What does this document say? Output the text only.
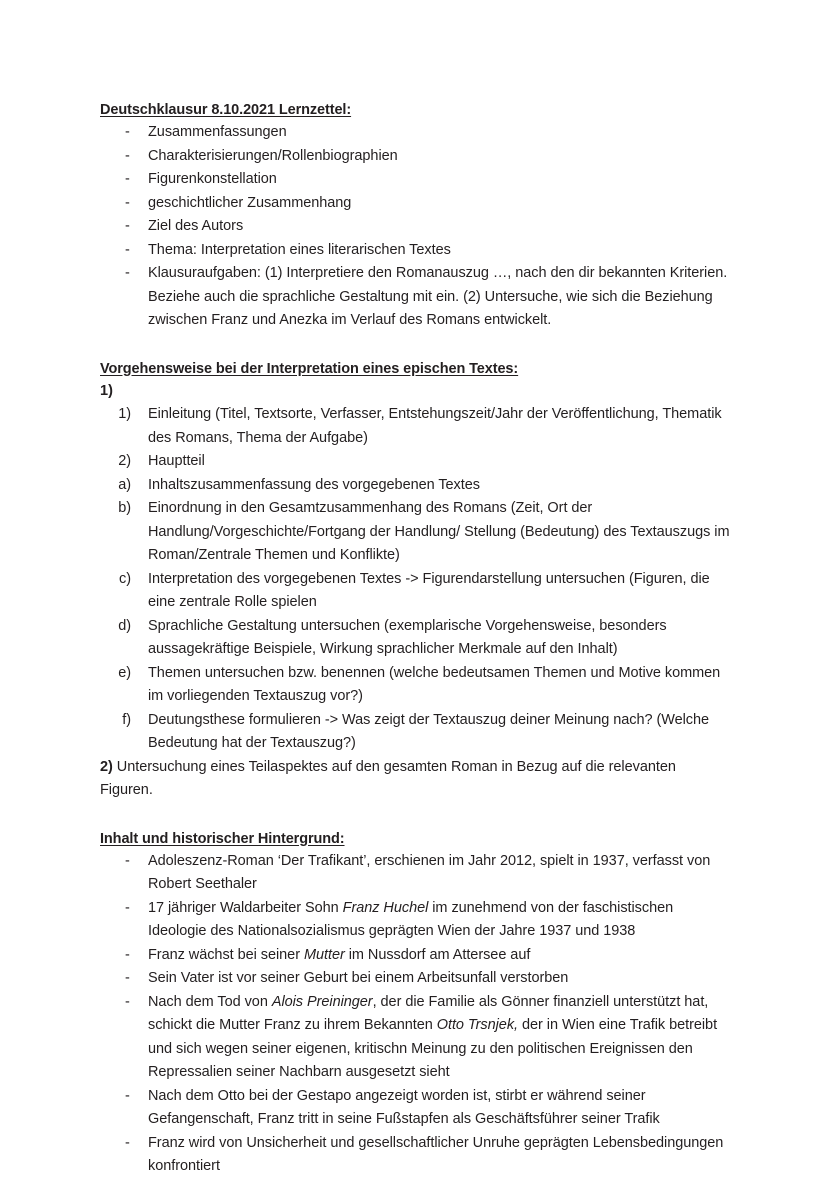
Deutschklausur 8.10.2021 Lernzettel:
-	Zusammenfassungen
-	Charakterisierungen/Rollenbiographien
-	Figurenkonstellation
-	geschichtlicher Zusammenhang
-	Ziel des Autors
-	Thema: Interpretation eines literarischen Textes
-	Klausuraufgaben: (1) Interpretiere den Romanauszug …, nach den dir bekannten Kriterien. Beziehe auch die sprachliche Gestaltung mit ein. (2) Untersuche, wie sich die Beziehung zwischen Franz und Anezka im Verlauf des Romans entwickelt.
Vorgehensweise bei der Interpretation eines epischen Textes:

1)

1) Einleitung (Titel, Textsorte, Verfasser, Entstehungszeit/Jahr der Veröffentlichung, Thematik des Romans, Thema der Aufgabe)
2) Hauptteil
a) Inhaltszusammenfassung des vorgegebenen Textes
b) Einordnung in den Gesamtzusammenhang des Romans (Zeit, Ort der Handlung/Vorgeschichte/Fortgang der Handlung/ Stellung (Bedeutung) des Textauszugs im Roman/Zentrale Themen und Konflikte)
c) Interpretation des vorgegebenen Textes -> Figurendarstellung untersuchen (Figuren, die eine zentrale Rolle spielen
d) Sprachliche Gestaltung untersuchen (exemplarische Vorgehensweise, besonders aussagekräftige Beispiele, Wirkung sprachlicher Merkmale auf den Inhalt)
e) Themen untersuchen bzw. benennen (welche bedeutsamen Themen und Motive kommen im vorliegenden Textauszug vor?)
f) Deutungsthese formulieren -> Was zeigt der Textauszug deiner Meinung nach? (Welche Bedeutung hat der Textauszug?)

2) Untersuchung eines Teilaspektes auf den gesamten Roman in Bezug auf die relevanten Figuren.

Inhalt und historischer Hintergrund:
-	Adoleszenz-Roman ‘Der Trafikant’, erschienen im Jahr 2012, spielt in 1937, verfasst von Robert Seethaler
-	17 jähriger Waldarbeiter Sohn Franz Huchel im zunehmend von der faschistischen Ideologie des Nationalsozialismus geprägten Wien der Jahre 1937 und 1938
-	Franz wächst bei seiner Mutter im Nussdorf am Attersee auf
-	Sein Vater ist vor seiner Geburt bei einem Arbeitsunfall verstorben
-	Nach dem Tod von Alois Preininger, der die Familie als Gönner finanziell unterstützt hat, schickt die Mutter Franz zu ihrem Bekannten Otto Trsnjek, der in Wien eine Trafik betreibt und sich wegen seiner eigenen, kritischn Meinung zu den politischen Ereignissen den Repressalien seiner Nachbarn ausgesetzt sieht
-	Nach dem Otto bei der Gestapo angezeigt worden ist, stirbt er während seiner Gefangenschaft, Franz tritt in seine Fußstapfen als Geschäftsführer seiner Trafik
-	Franz wird von Unsicherheit und gesellschaftlicher Unruhe geprägten Lebensbedingungen konfrontiert
